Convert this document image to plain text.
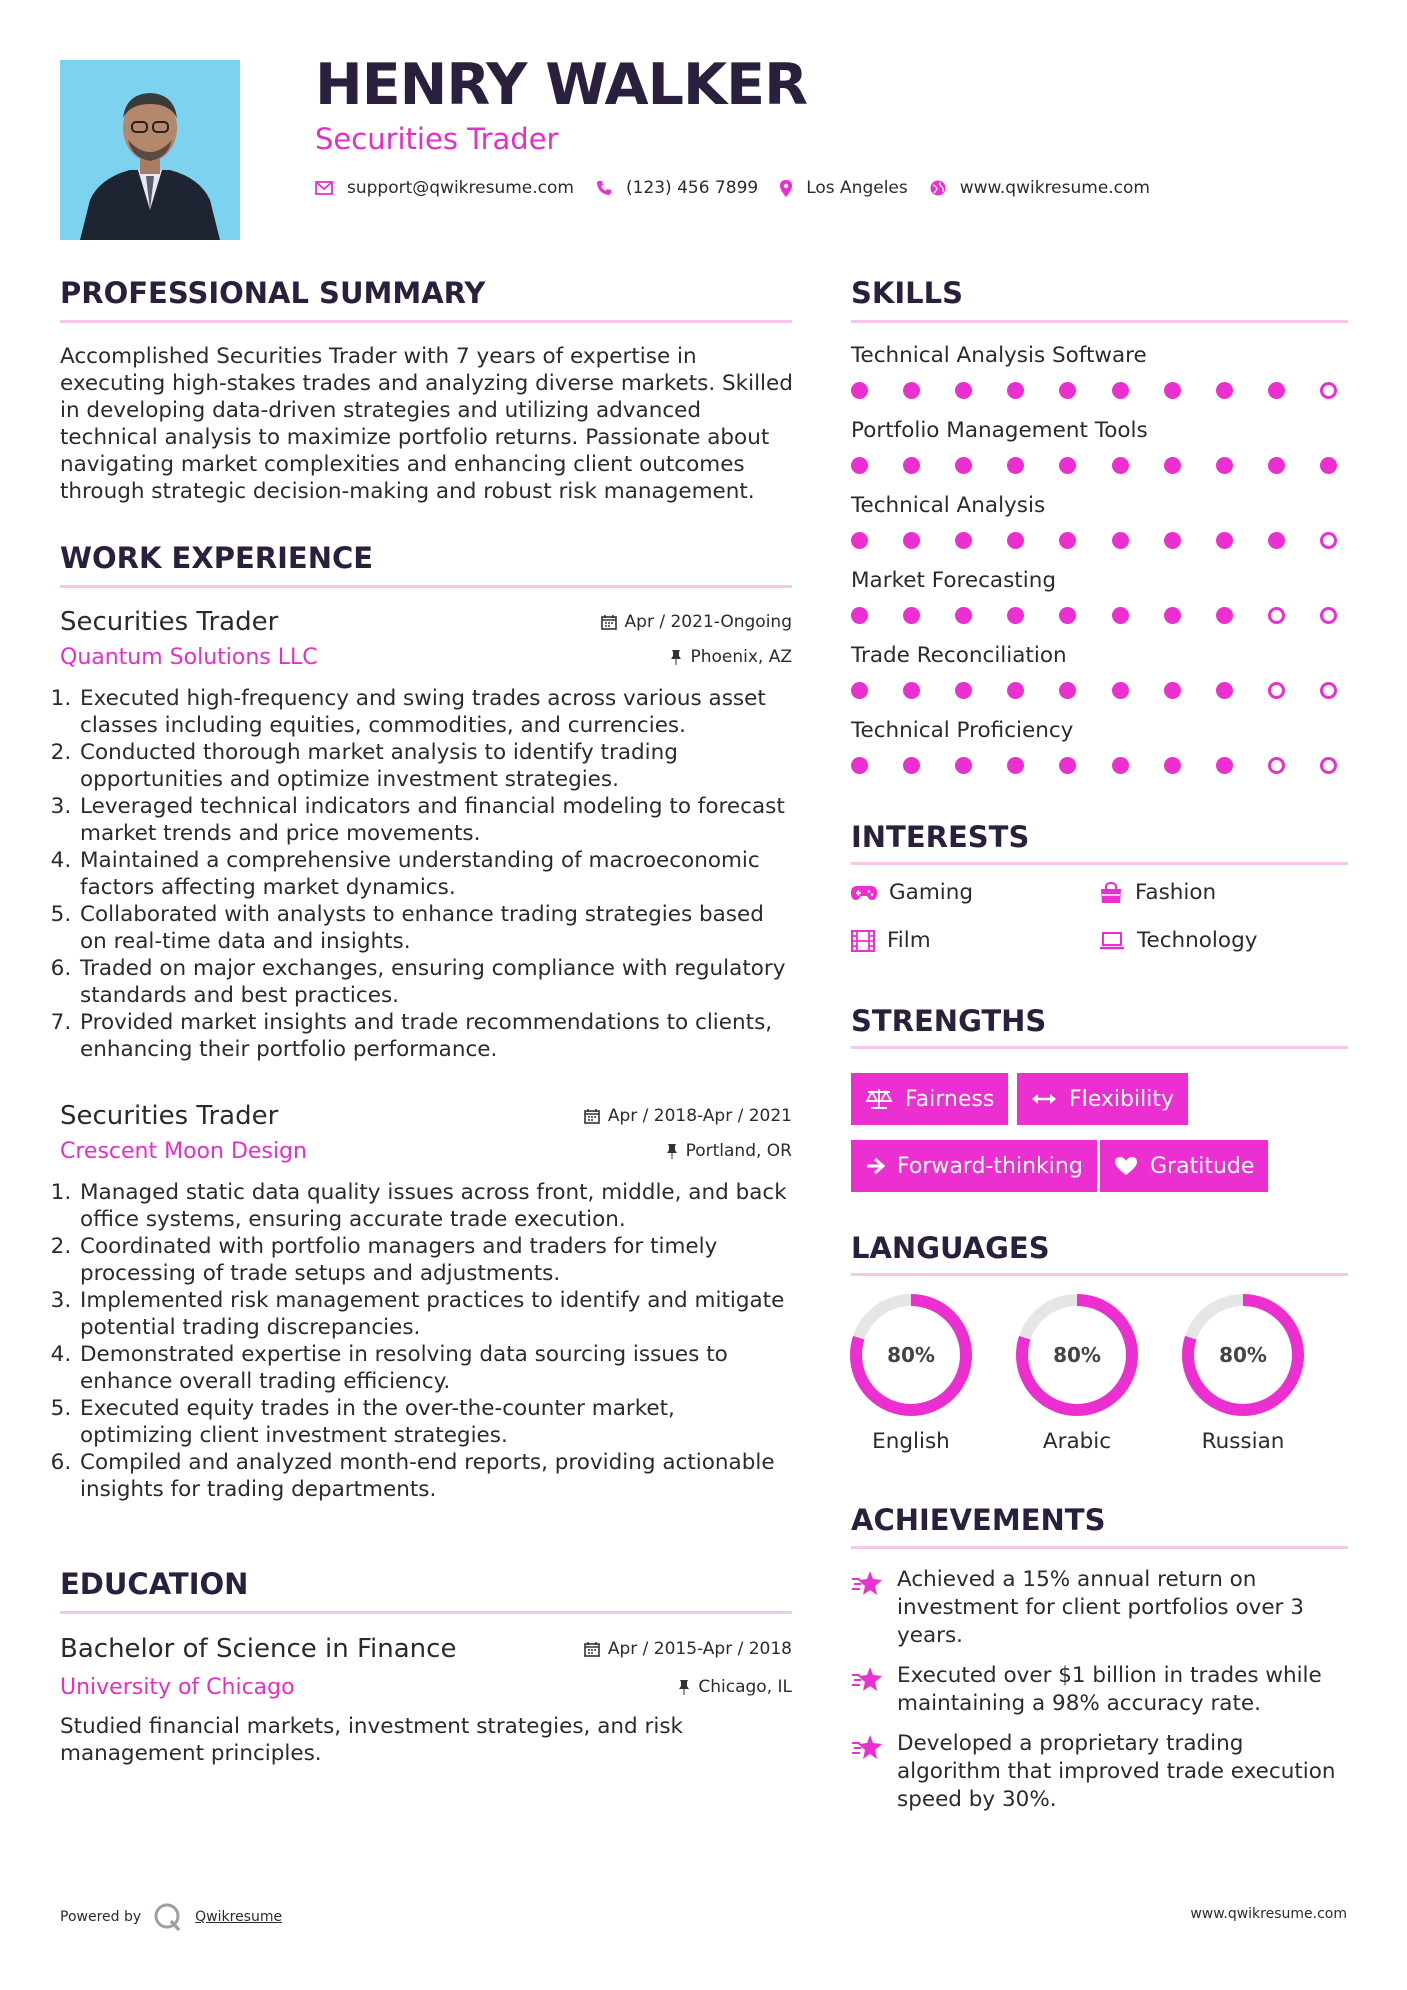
HENRY WALKER
Securities Trader
support@qwikresume.com	(123) 456 7899	Los Angeles	www.qwikresume.com
PROFESSIONAL SUMMARY
Accomplished Securities Trader with 7 years of expertise in executing high-stakes trades and analyzing diverse markets. Skilled in developing data-driven strategies and utilizing advanced technical analysis to maximize portfolio returns. Passionate about navigating market complexities and enhancing client outcomes through strategic decision-making and robust risk management.
WORK EXPERIENCE
Securities Trader	Apr / 2021-Ongoing
Quantum Solutions LLC	Phoenix, AZ
1. Executed high-frequency and swing trades across various asset classes including equities, commodities, and currencies.
2. Conducted thorough market analysis to identify trading opportunities and optimize investment strategies.
3. Leveraged technical indicators and financial modeling to forecast market trends and price movements.
4. Maintained a comprehensive understanding of macroeconomic factors affecting market dynamics.
5. Collaborated with analysts to enhance trading strategies based on real-time data and insights.
6. Traded on major exchanges, ensuring compliance with regulatory standards and best practices.
7. Provided market insights and trade recommendations to clients, enhancing their portfolio performance.
Securities Trader	Apr / 2018-Apr / 2021
Crescent Moon Design	Portland, OR
1. Managed static data quality issues across front, middle, and back office systems, ensuring accurate trade execution.
2. Coordinated with portfolio managers and traders for timely processing of trade setups and adjustments.
3. Implemented risk management practices to identify and mitigate potential trading discrepancies.
4. Demonstrated expertise in resolving data sourcing issues to enhance overall trading efficiency.
5. Executed equity trades in the over-the-counter market, optimizing client investment strategies.
6. Compiled and analyzed month-end reports, providing actionable insights for trading departments.
EDUCATION
Bachelor of Science in Finance	Apr / 2015-Apr / 2018
University of Chicago	Chicago, IL
Studied financial markets, investment strategies, and risk management principles.
SKILLS
Technical Analysis Software
Portfolio Management Tools
Technical Analysis
Market Forecasting
Trade Reconciliation
Technical Proficiency
INTERESTS
Gaming	Fashion
Film	Technology
STRENGTHS
Fairness	Flexibility
Forward-thinking	Gratitude
LANGUAGES
80%
English
80%
Arabic
80%
Russian
ACHIEVEMENTS
Achieved a 15% annual return on investment for client portfolios over 3 years.
Executed over $1 billion in trades while maintaining a 98% accuracy rate.
Developed a proprietary trading algorithm that improved trade execution speed by 30%.
Powered by	Qwikresume	www.qwikresume.com
